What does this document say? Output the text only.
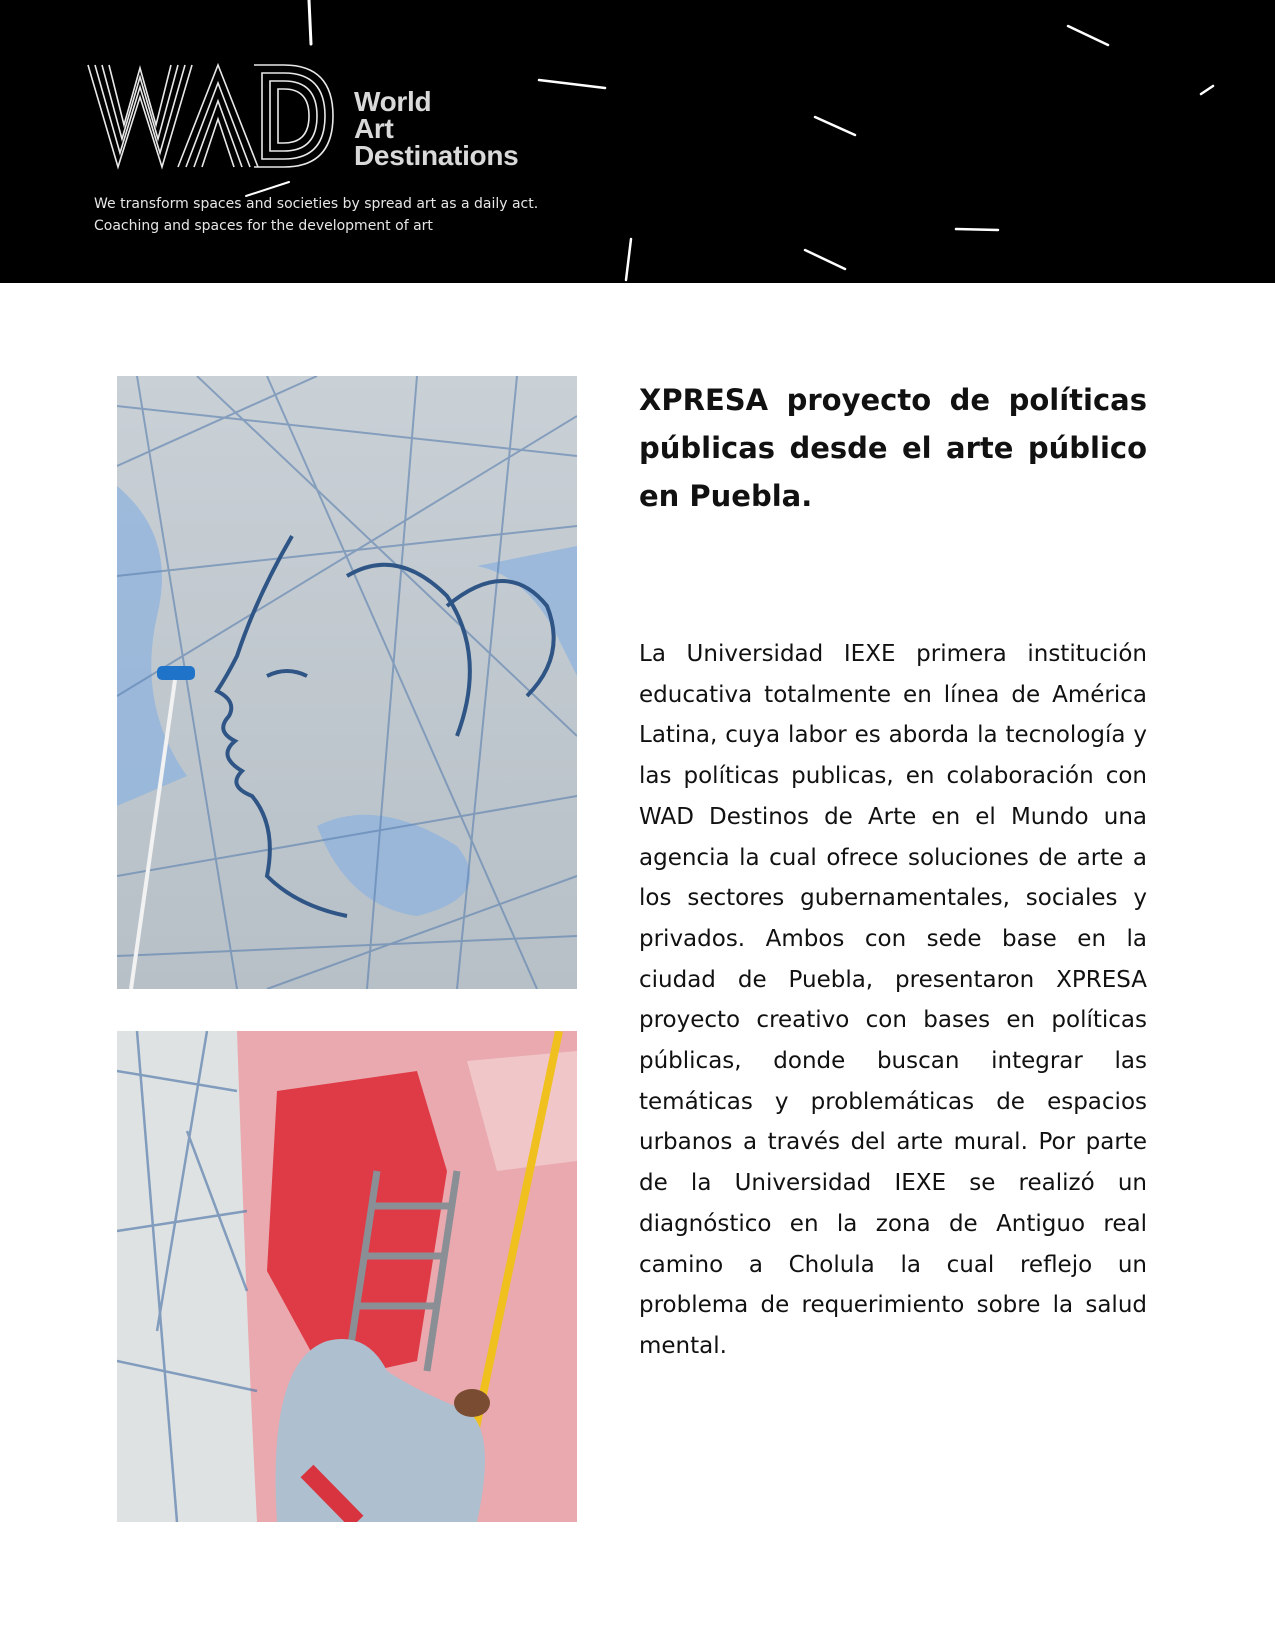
World
Art
Destinations
We transform spaces and societies by spread art as a daily act.
Coaching and spaces for the development of art
XPRESA proyecto de políticas públicas desde el arte público en Puebla.

La Universidad IEXE primera institución educativa totalmente en línea de América Latina, cuya labor es aborda la tecnología y las políticas publicas, en colaboración con WAD Destinos de Arte en el Mundo una agencia la cual ofrece soluciones de arte a los sectores gubernamentales, sociales y privados. Ambos con sede base en la ciudad de Puebla, presentaron XPRESA proyecto creativo con bases en políticas públicas, donde buscan integrar las temáticas y problemáticas de espacios urbanos a través del arte mural. Por parte de la Universidad IEXE se realizó un diagnóstico en la zona de Antiguo real camino a Cholula la cual reflejo un problema de requerimiento sobre la salud mental.
